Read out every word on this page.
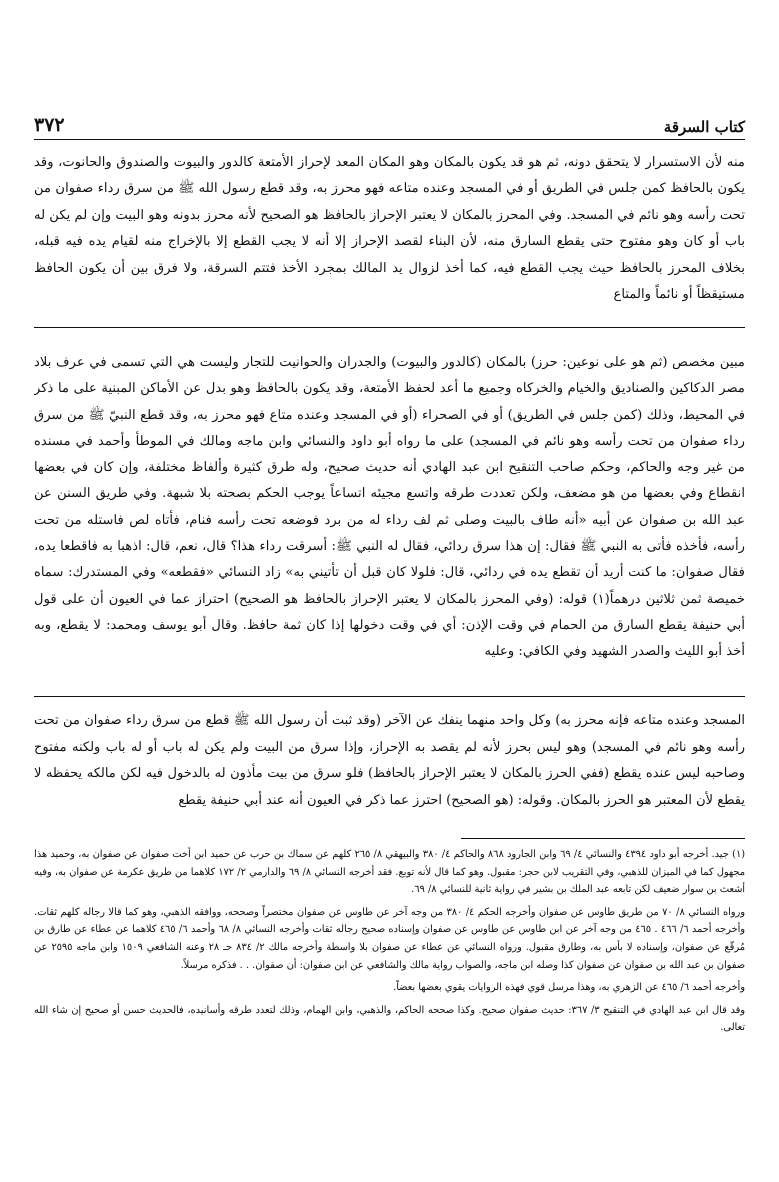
٣٧٢	كتاب السرقة

منه لأن الاستسرار لا يتحقق دونه، ثم هو قد يكون بالمكان وهو المكان المعد لإحراز الأمتعة كالدور والبيوت والصندوق والحانوت، وقد يكون بالحافظ كمن جلس في الطريق أو في المسجد وعنده متاعه فهو محرز به، وقد قطع رسول الله ﷺ من سرق رداء صفوان من تحت رأسه وهو نائم في المسجد. وفي المحرز بالمكان لا يعتبر الإحراز بالحافظ هو الصحيح لأنه محرز بدونه وهو البيت وإن لم يكن له باب أو كان وهو مفتوح حتى يقطع السارق منه، لأن البناء لقصد الإحراز إلا أنه لا يجب القطع إلا بالإخراج منه لقيام يده فيه قبله، بخلاف المحرز بالحافظ حيث يجب القطع فيه، كما أخذ لزوال يد المالك بمجرد الأخذ فتتم السرقة، ولا فرق بين أن يكون الحافظ مستيقظاً أو نائماً والمتاع

مبين مخصص (ثم هو على نوعين: حرز) بالمكان (كالدور والبيوت) والجدران والحوانيت للتجار وليست هي التي تسمى في عرف بلاد مصر الدكاكين والصناديق والخيام والخركاه وجميع ما أعد لحفظ الأمتعة، وقد يكون بالحافظ وهو بدل عن الأماكن المبنية على ما ذكر في المحيط، وذلك (كمن جلس في الطريق) أو في الصحراء (أو في المسجد وعنده متاع فهو محرز به، وقد قطع النبيّ ﷺ من سرق رداء صفوان من تحت رأسه وهو نائم في المسجد) على ما رواه أبو داود والنسائي وابن ماجه ومالك في الموطأ وأحمد في مسنده من غير وجه والحاكم، وحكم صاحب التنقيح ابن عبد الهادي أنه حديث صحيح، وله طرق كثيرة وألفاظ مختلفة، وإن كان في بعضها انقطاع وفي بعضها من هو مضعف، ولكن تعددت طرقه واتسع مجيئه اتساعاً يوجب الحكم بصحته بلا شبهة. وفي طريق السنن عن عبد الله بن صفوان عن أبيه «أنه طاف بالبيت وصلى ثم لف رداء له من برد فوضعه تحت رأسه فنام، فأتاه لص فاستله من تحت رأسه، فأخذه فأتى به النبي ﷺ فقال: إن هذا سرق ردائي، فقال له النبي ﷺ: أسرقت رداء هذا؟ قال، نعم، قال: اذهبا به فاقطعا يده، فقال صفوان: ما كنت أريد أن تقطع يده في ردائي، قال: فلولا كان قبل أن تأتيني به» زاد النسائي «فقطعه» وفي المستدرك: سماه خميصة ثمن ثلاثين درهماً(١) قوله: (وفي المحرز بالمكان لا يعتبر الإحراز بالحافظ هو الصحيح) احتراز عما في العيون أن على قول أبي حنيفة يقطع السارق من الحمام في وقت الإذن: أي في وقت دخولها إذا كان ثمة حافظ. وقال أبو يوسف ومحمد: لا يقطع، وبه أخذ أبو الليث والصدر الشهيد وفي الكافي: وعليه

المسجد وعنده متاعه فإنه محرز به) وكل واحد منهما ينفك عن الآخر (وقد ثبت أن رسول الله ﷺ قطع من سرق رداء صفوان من تحت رأسه وهو نائم في المسجد) وهو ليس بحرز لأنه لم يقصد به الإحراز، وإذا سرق من البيت ولم يكن له باب أو له باب ولكنه مفتوح وصاحبه ليس عنده يقطع (ففي الحرز بالمكان لا يعتبر الإحراز بالحافظ) فلو سرق من بيت مأذون له بالدخول فيه لكن مالكه يحفظه لا يقطع لأن المعتبر هو الحرز بالمكان. وقوله: (هو الصحيح) احترز عما ذكر في العيون أنه عند أبي حنيفة يقطع

(١) جيد. أخرجه أبو داود ٤٣٩٤ والنسائي ٤/ ٦٩ وابن الجارود ٨٦٨ والحاكم ٤/ ٣٨٠ والبيهقي ٨/ ٢٦٥ كلهم عن سماك بن حرب عن حميد ابن أخت صفوان عن صفوان به، وحميد هذا مجهول كما في الميزان للذهبي، وفي التقريب لابن حجر: مقبول. وهو كما قال لأنه توبع. فقد أخرجه النسائي ٨/ ٦٩ والدارمي ٢/ ١٧٢ كلاهما من طريق عكرمة عن صفوان به، وفيه أشعث بن سوار ضعيف لكن تابعه عبد الملك بن بشير في رواية ثانية للنسائي ٨/ ٦٩.

ورواه النسائي ٨/ ٧٠ من طريق طاوس عن صفوان وأخرجه الحكم ٤/ ٣٨٠ من وجه آخر عن طاوس عن صفوان مختصراً وصححه، ووافقه الذهبي، وهو كما قالا رجاله كلهم ثقات. وأخرجه أحمد ٦/ ٤٦٦ . ٤٦٥ من وجه آخر عن ابن طاوس عن طاوس عن صفوان وإسناده صحيح رجاله ثقات وأخرجه النسائي ٨/ ٦٨ وأحمد ٦/ ٤٦٥ كلاهما عن عطاء عن طارق بن مُرقّع عن صفوان، وإسناده لا بأس به، وطارق مقبول. ورواه النسائي عن عطاء عن صفوان بلا واسطة وأخرجه مالك ٢/ ٨٣٤ حـ ٢٨ وعنه الشافعي ١٥٠٩ وابن ماجه ٢٥٩٥ عن صفوان بن عبد الله بن صفوان عن صفوان كذا وصله ابن ماجه، والصواب رواية مالك والشافعي عن ابن صفوان: أن صفوان. . . فذكره مرسلاً.

وأخرجه أحمد ٦/ ٤٦٥ عن الزهري به، وهذا مرسل قوي فهذه الروايات يقوي بعضها بعضاً.

وقد قال ابن عبد الهادي في التنقيح ٣/ ٣٦٧: حديث صفوان صحيح. وكذا صححه الحاكم، والذهبي، وابن الهمام، وذلك لتعدد طرقه وأسانيده، فالحديث حسن أو صحيح إن شاء الله تعالى.
